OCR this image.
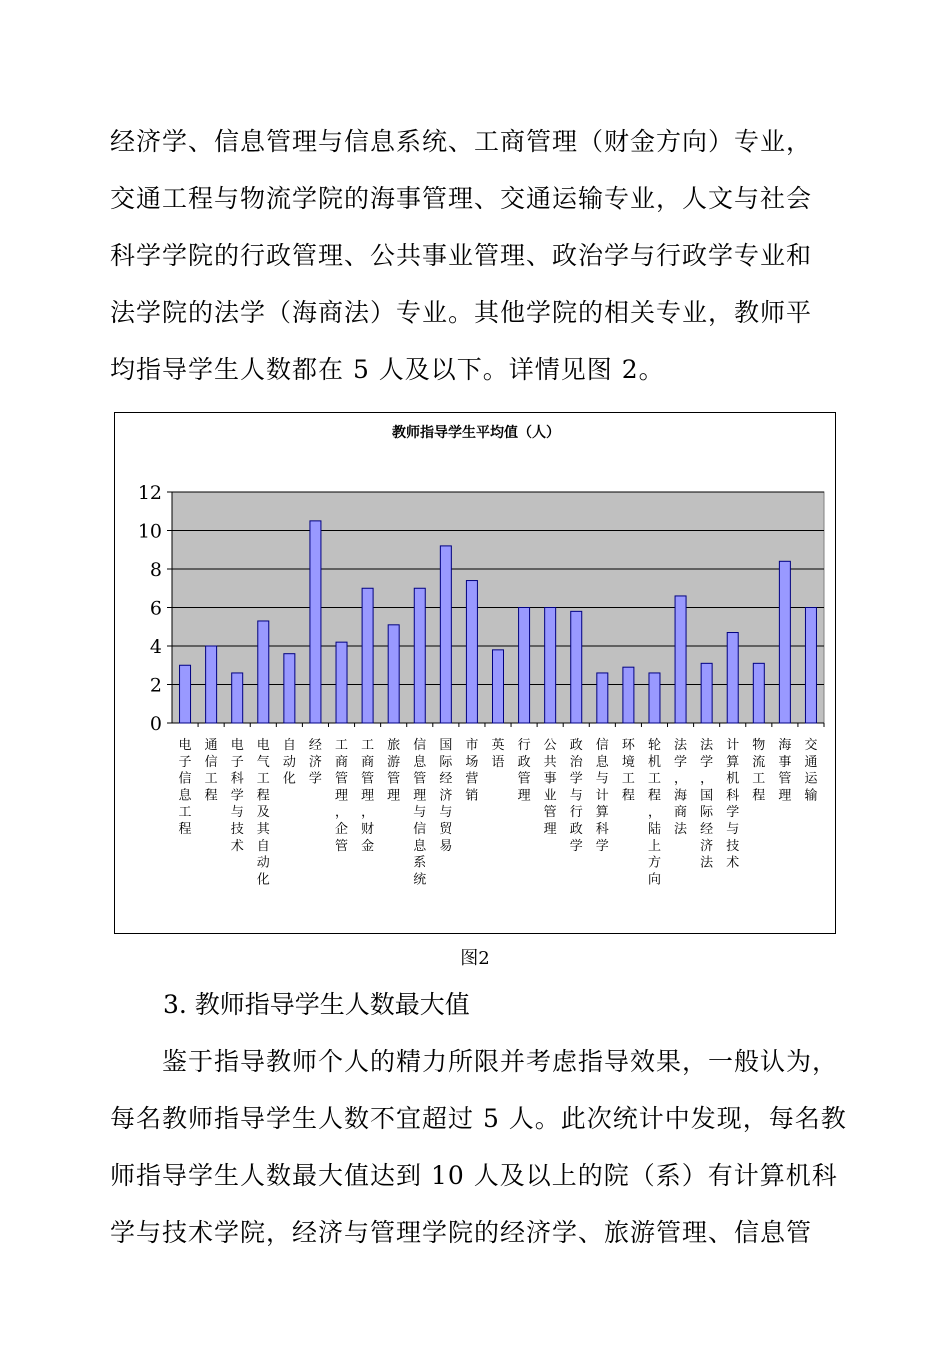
经济学、信息管理与信息系统、工商管理（财金方向）专业，

交通工程与物流学院的海事管理、交通运输专业，人文与社会

科学学院的行政管理、公共事业管理、政治学与行政学专业和

法学院的法学（海商法）专业。其他学院的相关专业，教师平

均指导学生人数都在 5 人及以下。详情见图 2。

教师指导学生平均值（人）
0
2
4
6
8
10
12
电子信息工程
通信工程
电子科学与技术
电气工程及其自动化
自动化
经济学
工商管理，企管
工商管理，财金
旅游管理
信息管理与信息系统
国际经济与贸易
市场营销
英语
行政管理
公共事业管理
政治学与行政学
信息与计算科学
环境工程
轮机工程，陆上方向
法学，海商法
法学，国际经济法
计算机科学与技术
物流工程
海事管理
交通运输
图2
3. 教师指导学生人数最大值

　　鉴于指导教师个人的精力所限并考虑指导效果，一般认为，

每名教师指导学生人数不宜超过 5 人。此次统计中发现，每名教

师指导学生人数最大值达到 10 人及以上的院（系）有计算机科

学与技术学院，经济与管理学院的经济学、旅游管理、信息管
